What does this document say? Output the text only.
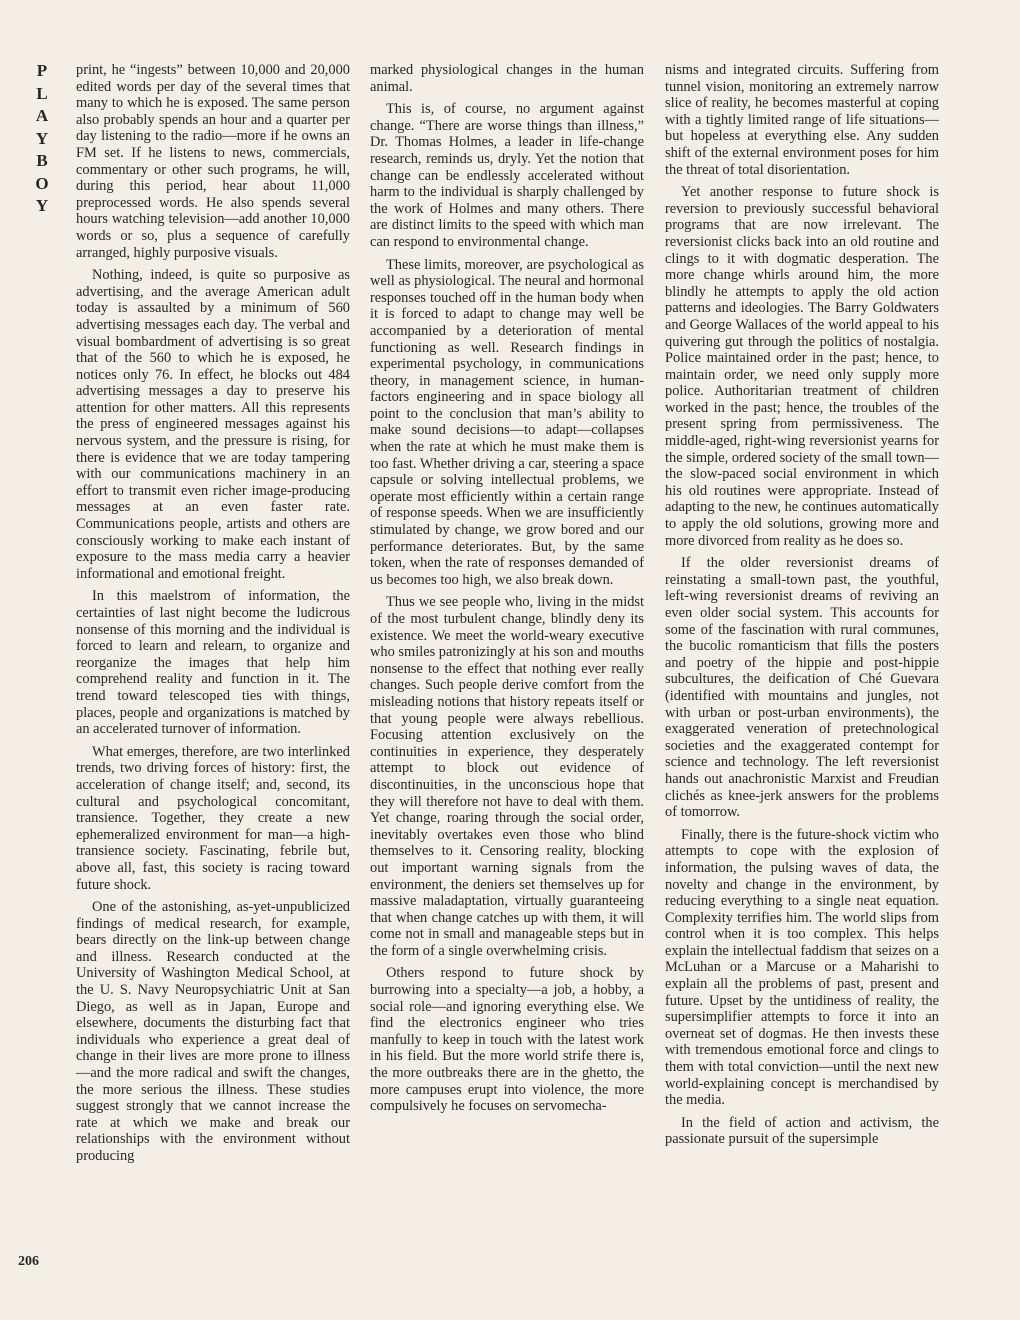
P
L
A
Y
B
O
Y
206

print, he “ingests” between 10,000 and 20,000 edited words per day of the several times that many to which he is exposed. The same person also probably spends an hour and a quarter per day listening to the radio—more if he owns an FM set. If he listens to news, commercials, commentary or other such programs, he will, during this period, hear about 11,000 preprocessed words. He also spends several hours watching television—add another 10,000 words or so, plus a sequence of carefully arranged, highly purposive visuals.

Nothing, indeed, is quite so purposive as advertising, and the average American adult today is assaulted by a minimum of 560 advertising messages each day. The verbal and visual bombardment of advertising is so great that of the 560 to which he is exposed, he notices only 76. In effect, he blocks out 484 advertising messages a day to preserve his attention for other matters. All this represents the press of engineered messages against his nervous system, and the pressure is rising, for there is evidence that we are today tampering with our communications machinery in an effort to transmit even richer image-producing messages at an even faster rate. Communications people, artists and others are consciously working to make each instant of exposure to the mass media carry a heavier informational and emotional freight.

In this maelstrom of information, the certainties of last night become the ludicrous nonsense of this morning and the individual is forced to learn and relearn, to organize and reorganize the images that help him comprehend reality and function in it. The trend toward telescoped ties with things, places, people and organizations is matched by an accelerated turnover of information.

What emerges, therefore, are two interlinked trends, two driving forces of history: first, the acceleration of change itself; and, second, its cultural and psychological concomitant, transience. Together, they create a new ephemeralized environment for man—a high-transience society. Fascinating, febrile but, above all, fast, this society is racing toward future shock.

One of the astonishing, as-yet-unpublicized findings of medical research, for example, bears directly on the link-up between change and illness. Research conducted at the University of Washington Medical School, at the U. S. Navy Neuropsychiatric Unit at San Diego, as well as in Japan, Europe and elsewhere, documents the disturbing fact that individuals who experience a great deal of change in their lives are more prone to illness—and the more radical and swift the changes, the more serious the illness. These studies suggest strongly that we cannot increase the rate at which we make and break our relationships with the environment without producing

marked physiological changes in the human animal.

This is, of course, no argument against change. “There are worse things than illness,” Dr. Thomas Holmes, a leader in life-change research, reminds us, dryly. Yet the notion that change can be endlessly accelerated without harm to the individual is sharply challenged by the work of Holmes and many others. There are distinct limits to the speed with which man can respond to environmental change.

These limits, moreover, are psychological as well as physiological. The neural and hormonal responses touched off in the human body when it is forced to adapt to change may well be accompanied by a deterioration of mental functioning as well. Research findings in experimental psychology, in communications theory, in management science, in human-factors engineering and in space biology all point to the conclusion that man’s ability to make sound decisions—to adapt—collapses when the rate at which he must make them is too fast. Whether driving a car, steering a space capsule or solving intellectual problems, we operate most efficiently within a certain range of response speeds. When we are insufficiently stimulated by change, we grow bored and our performance deteriorates. But, by the same token, when the rate of responses demanded of us becomes too high, we also break down.

Thus we see people who, living in the midst of the most turbulent change, blindly deny its existence. We meet the world-weary executive who smiles patronizingly at his son and mouths nonsense to the effect that nothing ever really changes. Such people derive comfort from the misleading notions that history repeats itself or that young people were always rebellious. Focusing attention exclusively on the continuities in experience, they desperately attempt to block out evidence of discontinuities, in the unconscious hope that they will therefore not have to deal with them. Yet change, roaring through the social order, inevitably overtakes even those who blind themselves to it. Censoring reality, blocking out important warning signals from the environment, the deniers set themselves up for massive maladaptation, virtually guaranteeing that when change catches up with them, it will come not in small and manageable steps but in the form of a single overwhelming crisis.

Others respond to future shock by burrowing into a specialty—a job, a hobby, a social role—and ignoring everything else. We find the electronics engineer who tries manfully to keep in touch with the latest work in his field. But the more world strife there is, the more outbreaks there are in the ghetto, the more campuses erupt into violence, the more compulsively he focuses on servomecha-

nisms and integrated circuits. Suffering from tunnel vision, monitoring an extremely narrow slice of reality, he becomes masterful at coping with a tightly limited range of life situations—but hopeless at everything else. Any sudden shift of the external environment poses for him the threat of total disorientation.

Yet another response to future shock is reversion to previously successful behavioral programs that are now irrelevant. The reversionist clicks back into an old routine and clings to it with dogmatic desperation. The more change whirls around him, the more blindly he attempts to apply the old action patterns and ideologies. The Barry Goldwaters and George Wallaces of the world appeal to his quivering gut through the politics of nostalgia. Police maintained order in the past; hence, to maintain order, we need only supply more police. Authoritarian treatment of children worked in the past; hence, the troubles of the present spring from permissiveness. The middle-aged, right-wing reversionist yearns for the simple, ordered society of the small town—the slow-paced social environment in which his old routines were appropriate. Instead of adapting to the new, he continues automatically to apply the old solutions, growing more and more divorced from reality as he does so.

If the older reversionist dreams of reinstating a small-town past, the youthful, left-wing reversionist dreams of reviving an even older social system. This accounts for some of the fascination with rural communes, the bucolic romanticism that fills the posters and poetry of the hippie and post-hippie subcultures, the deification of Ché Guevara (identified with mountains and jungles, not with urban or post-urban environments), the exaggerated veneration of pretechnological societies and the exaggerated contempt for science and technology. The left reversionist hands out anachronistic Marxist and Freudian clichés as knee-jerk answers for the problems of tomorrow.

Finally, there is the future-shock victim who attempts to cope with the explosion of information, the pulsing waves of data, the novelty and change in the environment, by reducing everything to a single neat equation. Complexity terrifies him. The world slips from control when it is too complex. This helps explain the intellectual faddism that seizes on a McLuhan or a Marcuse or a Maharishi to explain all the problems of past, present and future. Upset by the untidiness of reality, the supersimplifier attempts to force it into an overneat set of dogmas. He then invests these with tremendous emotional force and clings to them with total conviction—until the next new world-explaining concept is merchandised by the media.

In the field of action and activism, the passionate pursuit of the supersimple
